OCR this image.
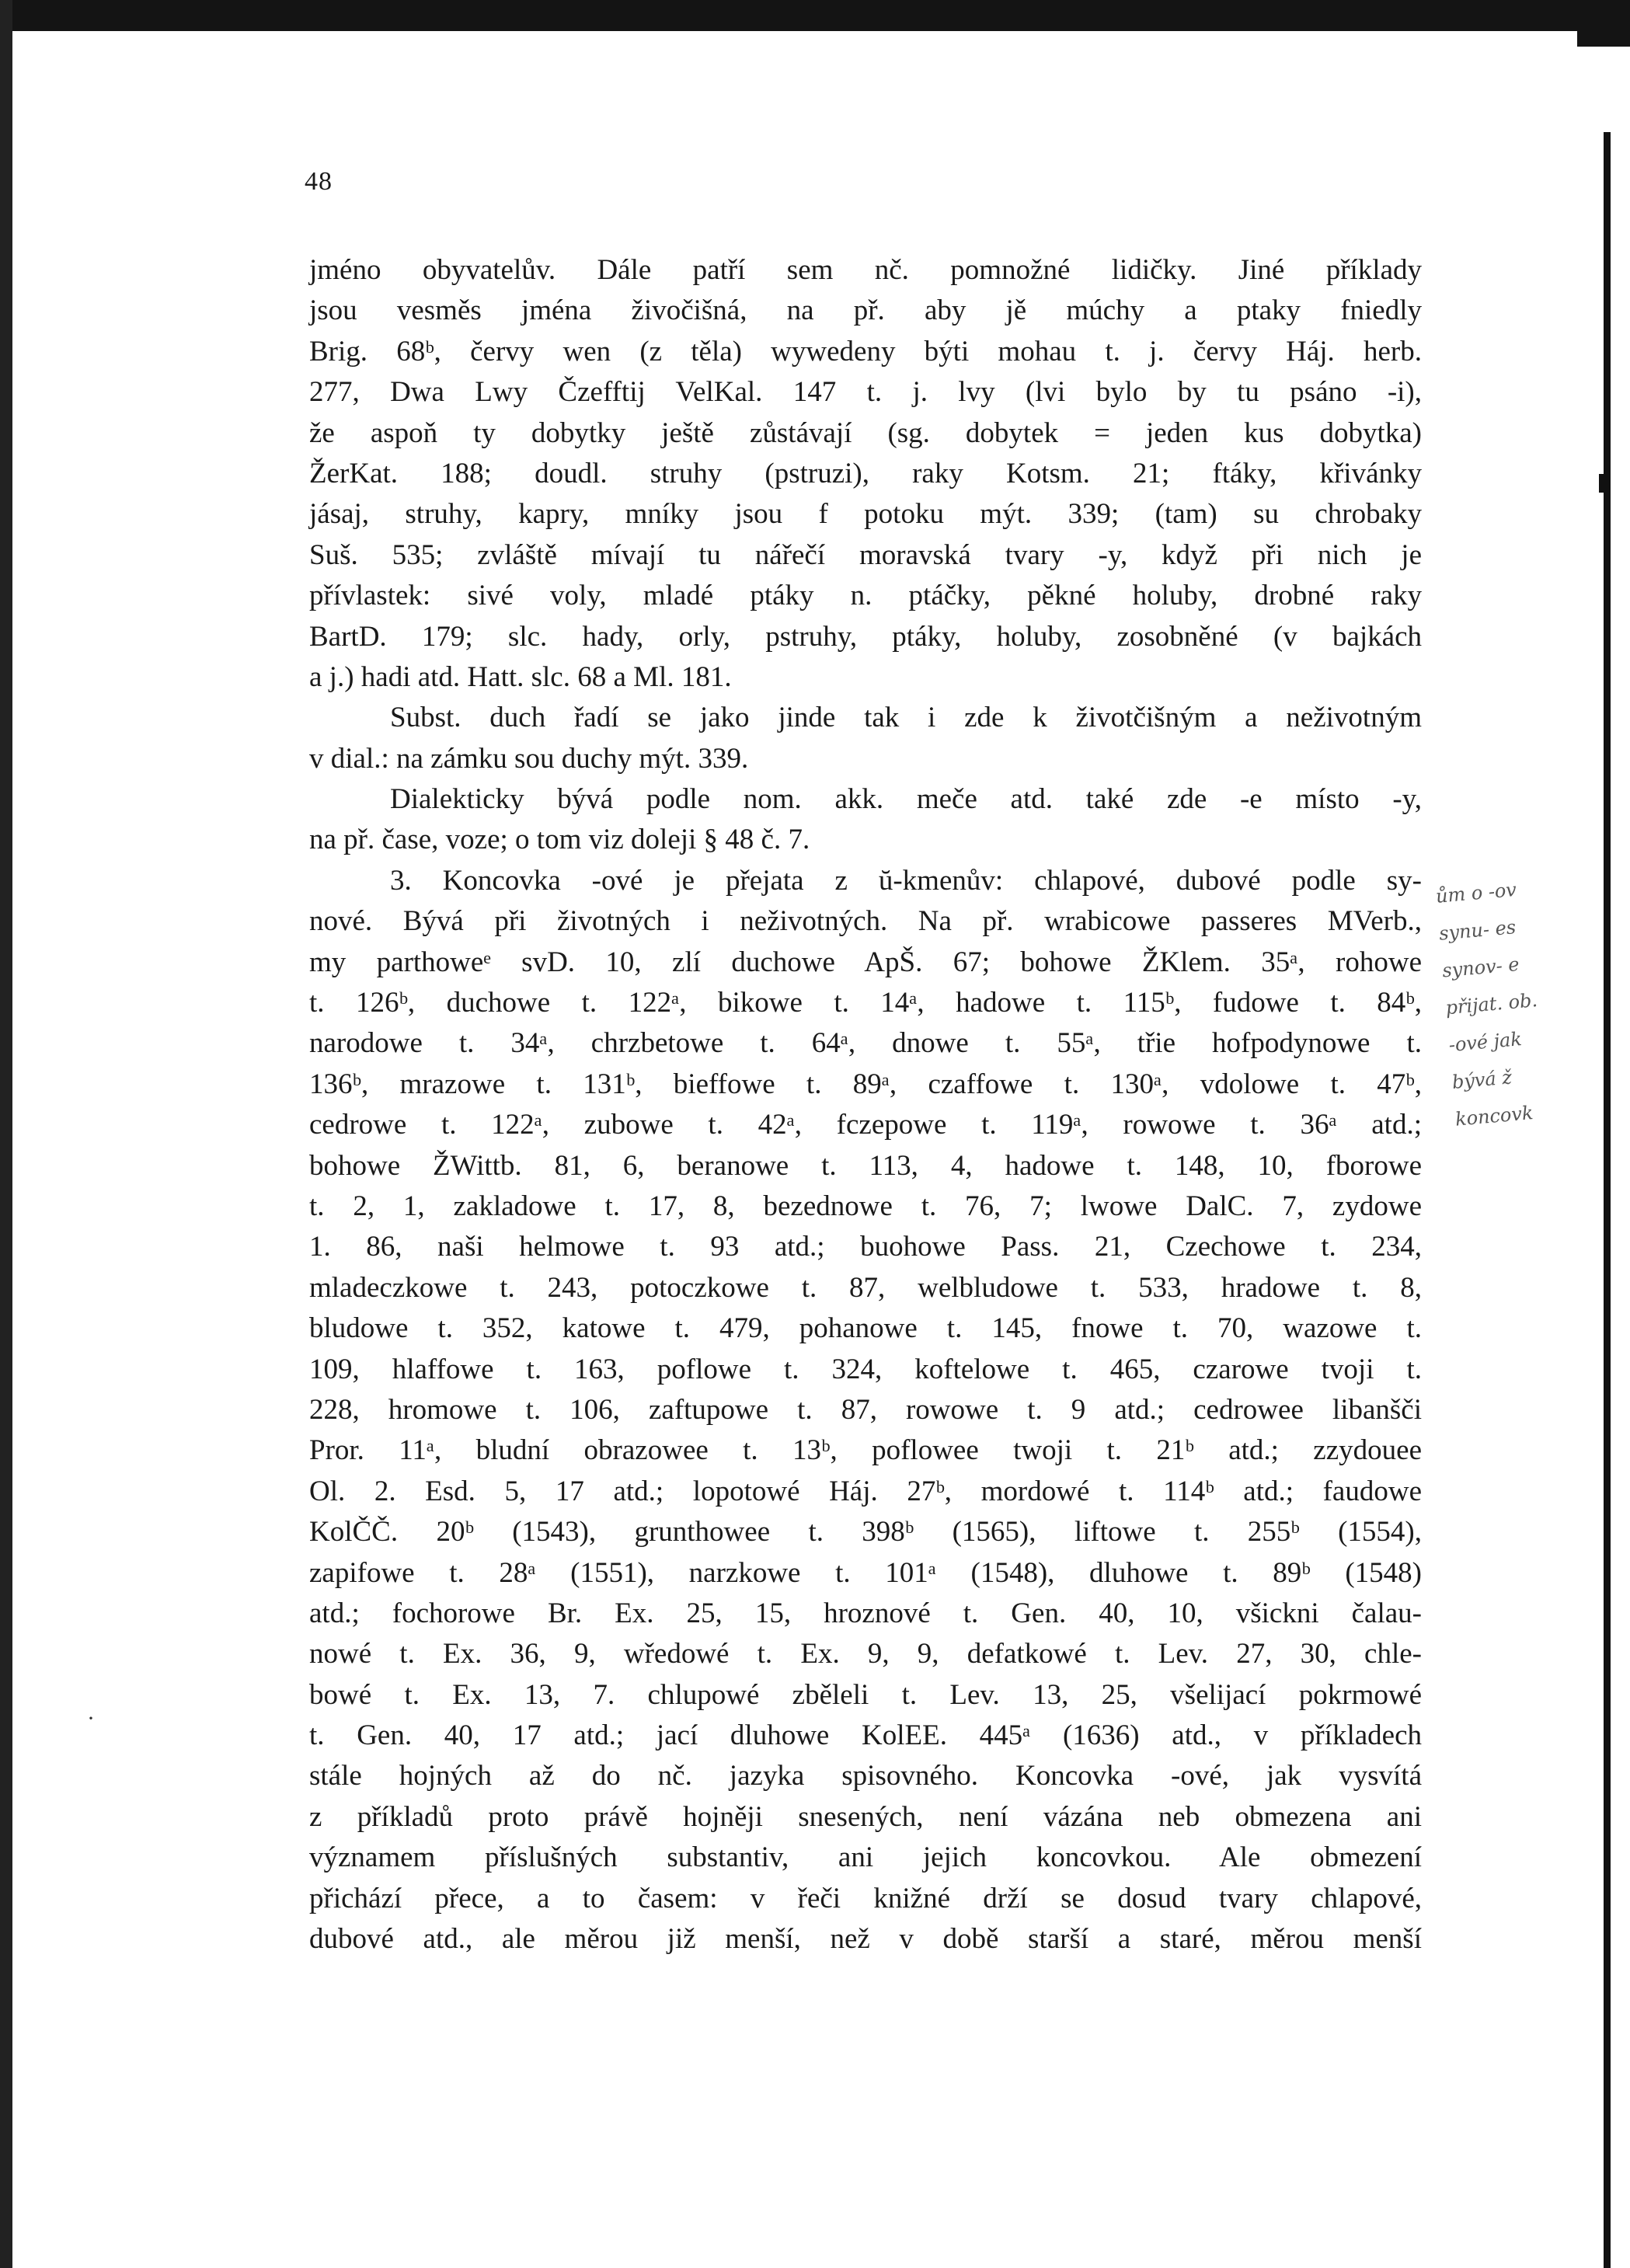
48
jméno obyvatelův. Dále patří sem nč. pomnožné lidičky. Jiné příklady
jsou vesměs jména živočišná, na př. aby jě múchy a ptaky fniedly
Brig. 68ᵇ, červy wen (z těla) wywedeny býti mohau t. j. červy Háj. herb.
277, Dwa Lwy Čzefftij VelKal. 147 t. j. lvy (lvi bylo by tu psáno -i),
že aspoň ty dobytky ještě zůstávají (sg. dobytek = jeden kus dobytka)
ŽerKat. 188; doudl. struhy (pstruzi), raky Kotsm. 21; ftáky, křivánky
jásaj, struhy, kapry, mníky jsou f potoku mýt. 339; (tam) su chrobaky
Suš. 535; zvláště mívají tu nářečí moravská tvary -y, když při nich je
přívlastek: sivé voly, mladé ptáky n. ptáčky, pěkné holuby, drobné raky
BartD. 179; slc. hady, orly, pstruhy, ptáky, holuby, zosobněné (v bajkách
a j.) hadi atd. Hatt. slc. 68 a Ml. 181.
Subst. duch řadí se jako jinde tak i zde k životčišným a neživotným
v dial.: na zámku sou duchy mýt. 339.
Dialekticky bývá podle nom. akk. meče atd. také zde -e místo -y,
na př. čase, voze; o tom viz doleji § 48 č. 7.
3. Koncovka -ové je přejata z ŭ-kmenův: chlapové, dubové podle sy-
nové. Bývá při životných i neživotných. Na př. wrabicowe passeres MVerb.,
my parthoweᵉ svD. 10, zlí duchowe ApŠ. 67; bohowe ŽKlem. 35ᵃ, rohowe
t. 126ᵇ, duchowe t. 122ᵃ, bikowe t. 14ᵃ, hadowe t. 115ᵇ, fudowe t. 84ᵇ,
narodowe t. 34ᵃ, chrzbetowe t. 64ᵃ, dnowe t. 55ᵃ, třie hofpodynowe t.
136ᵇ, mrazowe t. 131ᵇ, bieffowe t. 89ᵃ, czaffowe t. 130ᵃ, vdolowe t. 47ᵇ,
cedrowe t. 122ᵃ, zubowe t. 42ᵃ, fczepowe t. 119ᵃ, rowowe t. 36ᵃ atd.;
bohowe ŽWittb. 81, 6, beranowe t. 113, 4, hadowe t. 148, 10, fborowe
t. 2, 1, zakladowe t. 17, 8, bezednowe t. 76, 7; lwowe DalC. 7, zydowe
1. 86, naši helmowe t. 93 atd.; buohowe Pass. 21, Czechowe t. 234,
mladeczkowe t. 243, potoczkowe t. 87, welbludowe t. 533, hradowe t. 8,
bludowe t. 352, katowe t. 479, pohanowe t. 145, fnowe t. 70, wazowe t.
109, hlaffowe t. 163, poflowe t. 324, koftelowe t. 465, czarowe tvoji t.
228, hromowe t. 106, zaftupowe t. 87, rowowe t. 9 atd.; cedrowee libanšči
Pror. 11ᵃ, bludní obrazowee t. 13ᵇ, poflowee twoji t. 21ᵇ atd.; zzydouee
Ol. 2. Esd. 5, 17 atd.; lopotowé Háj. 27ᵇ, mordowé t. 114ᵇ atd.; faudowe
KolČČ. 20ᵇ (1543), grunthowee t. 398ᵇ (1565), liftowe t. 255ᵇ (1554),
zapifowe t. 28ᵃ (1551), narzkowe t. 101ᵃ (1548), dluhowe t. 89ᵇ (1548)
atd.; fochorowe Br. Ex. 25, 15, hroznové t. Gen. 40, 10, všickni čalau-
nowé t. Ex. 36, 9, wředowé t. Ex. 9, 9, defatkowé t. Lev. 27, 30, chle-
bowé t. Ex. 13, 7. chlupowé zběleli t. Lev. 13, 25, všelijací pokrmowé
t. Gen. 40, 17 atd.; jací dluhowe KolEE. 445ᵃ (1636) atd., v příkladech
stále hojných až do nč. jazyka spisovného. Koncovka -ové, jak vysvítá
z příkladů proto právě hojněji snesených, není vázána neb obmezena ani
významem příslušných substantiv, ani jejich koncovkou. Ale obmezení
přichází přece, a to časem: v řeči knižné drží se dosud tvary chlapové,
dubové atd., ale měrou již menší, než v době starší a staré, měrou menší
ům o -ov
synu- es
synov- e
přijat. ob.
-ové jak
bývá ž
koncovk
·
